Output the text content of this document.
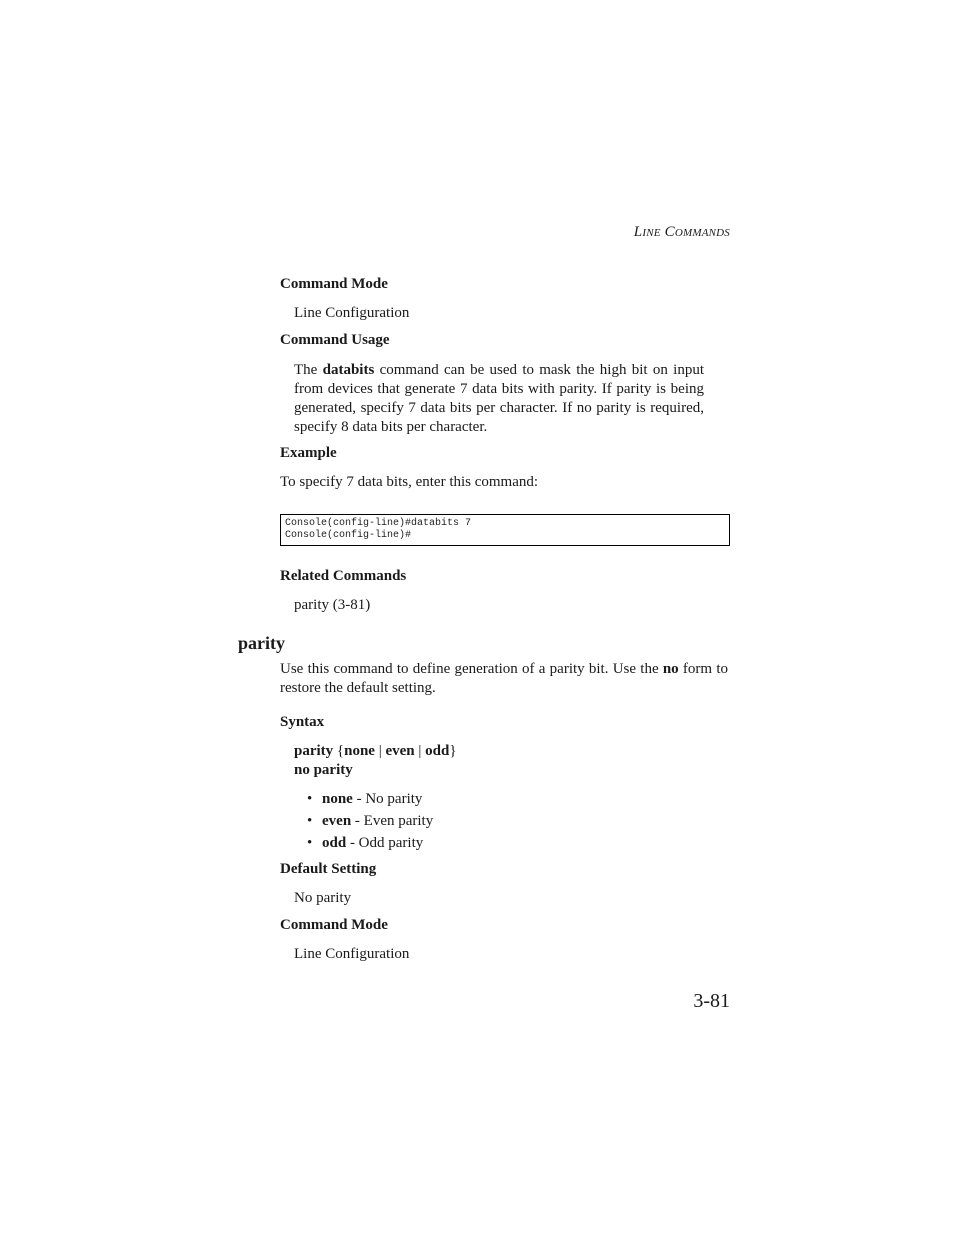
LINE COMMANDS
Command Mode
Line Configuration
Command Usage
The databits command can be used to mask the high bit on input from devices that generate 7 data bits with parity. If parity is being generated, specify 7 data bits per character. If no parity is required, specify 8 data bits per character.
Example
To specify 7 data bits, enter this command:
Console(config-line)#databits 7
Console(config-line)#
Related Commands
parity (3-81)
parity
Use this command to define generation of a parity bit. Use the no form to restore the default setting.
Syntax
parity {none | even | odd}
no parity
• none - No parity
• even - Even parity
• odd - Odd parity
Default Setting
No parity
Command Mode
Line Configuration
3-81
